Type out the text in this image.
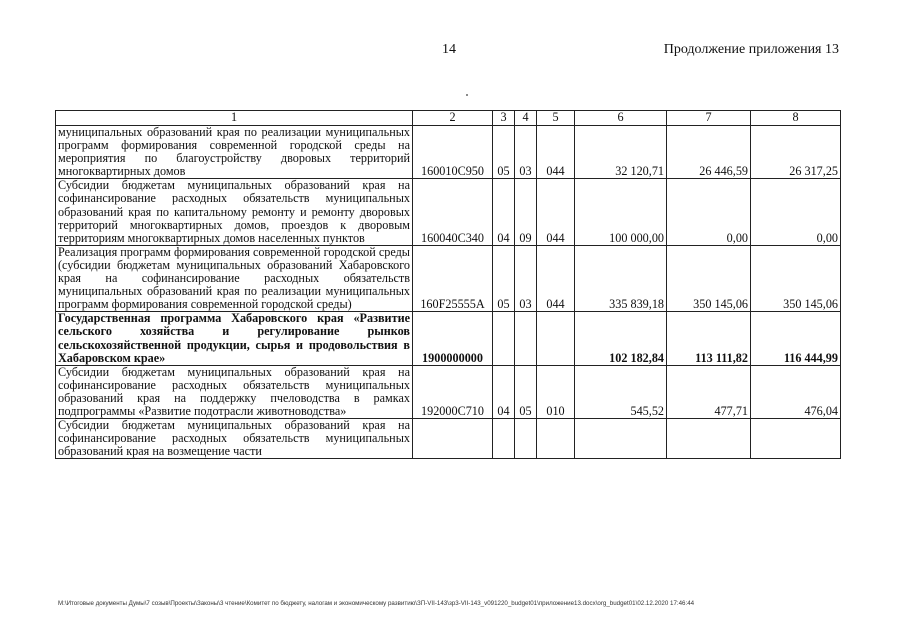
14	Продолжение приложения 13
1	2	3	4	5	6	7	8
муниципальных образований края по реализации муниципальных программ формирования современной городской среды на мероприятия по благоустройству дворовых территорий многоквартирных домов	160010C950	05	03	044	32 120,71	26 446,59	26 317,25
Субсидии бюджетам муниципальных образований края на софинансирование расходных обязательств муниципальных образований края по капитальному ремонту и ремонту дворовых территорий многоквартирных домов, проездов к дворовым территориям многоквартирных домов населенных пунктов	160040C340	04	09	044	100 000,00	0,00	0,00
Реализация программ формирования современной городской среды (субсидии бюджетам муниципальных образований Хабаровского края на софинансирование расходных обязательств муниципальных образований края по реализации муниципальных программ формирования современной городской среды)	160F25555A	05	03	044	335 839,18	350 145,06	350 145,06
Государственная программа Хабаровского края «Развитие сельского хозяйства и регулирование рынков сельскохозяйственной продукции, сырья и продовольствия в Хабаровском крае»	1900000000				102 182,84	113 111,82	116 444,99
Субсидии бюджетам муниципальных образований края на софинансирование расходных обязательств муниципальных образований края на поддержку пчеловодства в рамках подпрограммы «Развитие подотрасли животноводства»	192000C710	04	05	010	545,52	477,71	476,04
Субсидии бюджетам муниципальных образований края на софинансирование расходных обязательств муниципальных образований края на возмещение части							
M:\Итоговые документы Думы\7 созыв\Проекты\Законы\3 чтение\Комитет по бюджету, налогам и экономическому развитию\ЗП-VII-143\зр3-VII-143_v091220_budget01\приложение13.docx\org_budget01\02.12.2020 17:46:44
